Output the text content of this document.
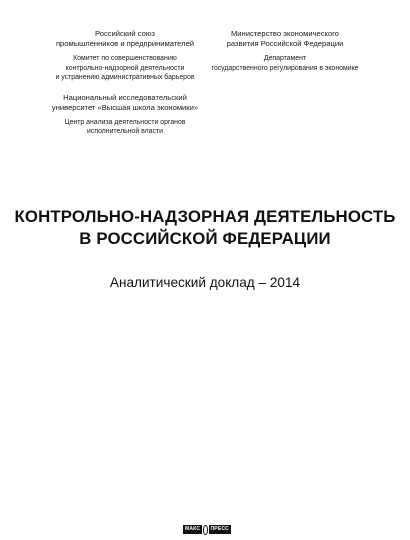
Российский союз
промышленников и предпринимателей
Комитет по совершенствованию
контрольно-надзорной деятельности
и устранению административных барьеров
Национальный исследовательский
университет «Высшая школа экономики»
Центр анализа деятельности органов
исполнительной власти
Министерство экономического
развития Российской Федерации
Департамент
государственного регулирования в экономике
КОНТРОЛЬНО-НАДЗОРНАЯ ДЕЯТЕЛЬНОСТЬ
В РОССИЙСКОЙ ФЕДЕРАЦИИ
Аналитический доклад – 2014
МАКС	ПРЕСС
